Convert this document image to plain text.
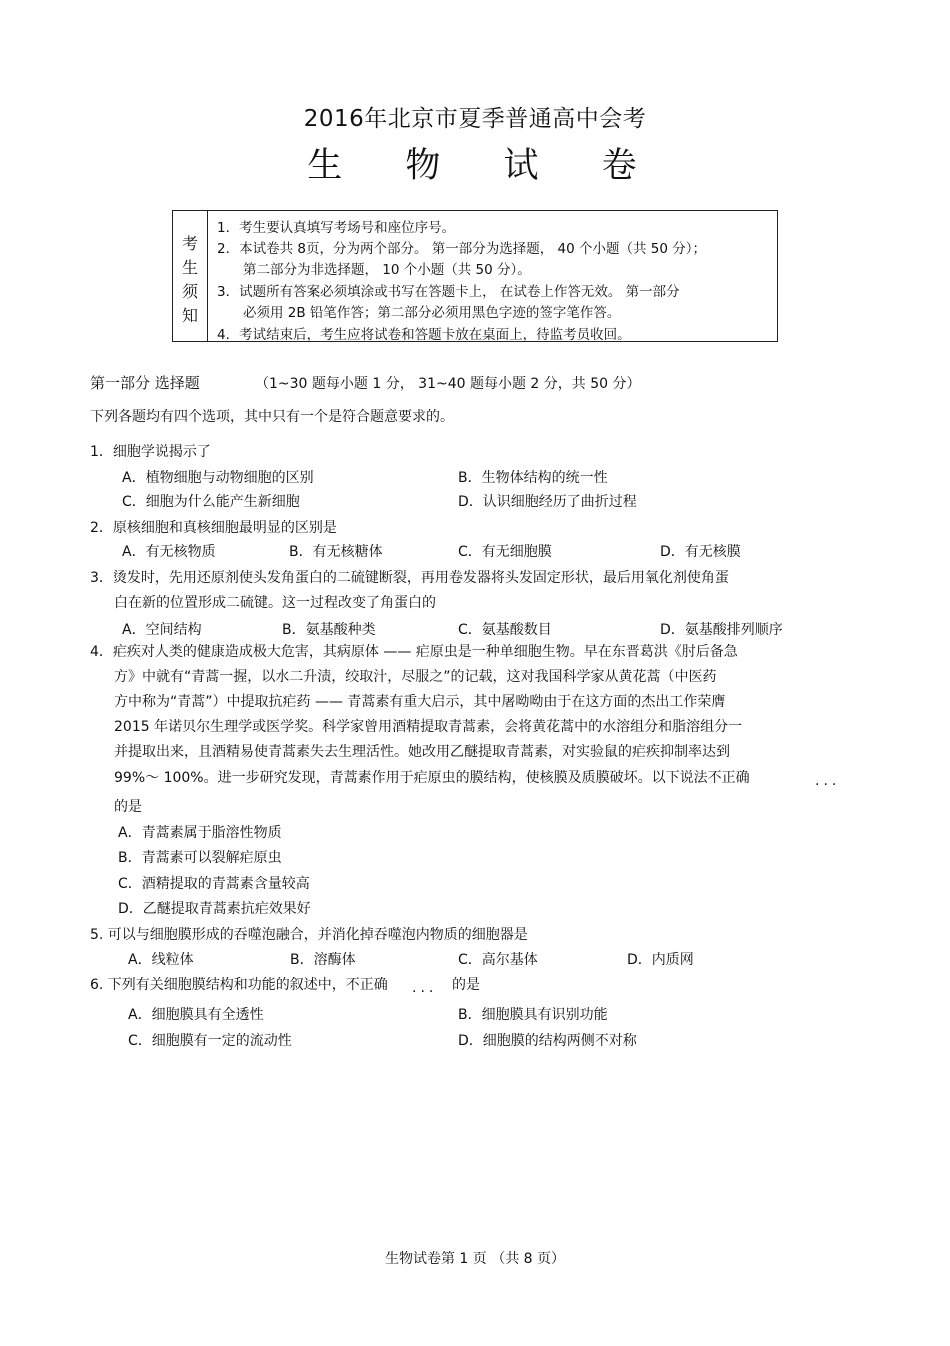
2016年北京市夏季普通高中会考
生 物 试 卷
考
生
须
知
1．考生要认真填写考场号和座位序号。
2．本试卷共 8页，分为两个部分。 第一部分为选择题， 40 个小题（共 50 分）；
第二部分为非选择题， 10 个小题（共 50 分）。
3．试题所有答案必须填涂或书写在答题卡上， 在试卷上作答无效。 第一部分
必须用 2B 铅笔作答；第二部分必须用黑色字迹的签字笔作答。
4．考试结束后，考生应将试卷和答题卡放在桌面上，待监考员收回。
第一部分 选择题	（1~30 题每小题 1 分， 31~40 题每小题 2 分，共 50 分）
下列各题均有四个选项，其中只有一个是符合题意要求的。
1．细胞学说揭示了
A．植物细胞与动物细胞的区别	B．生物体结构的统一性
C．细胞为什么能产生新细胞	D．认识细胞经历了曲折过程
2．原核细胞和真核细胞最明显的区别是
A．有无核物质	B．有无核糖体	C．有无细胞膜	D．有无核膜
3．烫发时，先用还原剂使头发角蛋白的二硫键断裂，再用卷发器将头发固定形状，最后用氧化剂使角蛋
白在新的位置形成二硫键。这一过程改变了角蛋白的
A．空间结构	B．氨基酸种类	C．氨基酸数目	D．氨基酸排列顺序
4．疟疾对人类的健康造成极大危害，其病原体 —— 疟原虫是一种单细胞生物。早在东晋葛洪《肘后备急
方》中就有“青蒿一握，以水二升渍，绞取汁，尽服之”的记载，这对我国科学家从黄花蒿（中医药
方中称为“青蒿”）中提取抗疟药 —— 青蒿素有重大启示，其中屠呦呦由于在这方面的杰出工作荣膺
2015 年诺贝尔生理学或医学奖。科学家曾用酒精提取青蒿素，会将黄花蒿中的水溶组分和脂溶组分一
并提取出来，且酒精易使青蒿素失去生理活性。她改用乙醚提取青蒿素，对实验鼠的疟疾抑制率达到
99%～ 100%。进一步研究发现，青蒿素作用于疟原虫的膜结构，使核膜及质膜破坏。以下说法不正确	...
的是
A．青蒿素属于脂溶性物质
B．青蒿素可以裂解疟原虫
C．酒精提取的青蒿素含量较高
D．乙醚提取青蒿素抗疟效果好
5. 可以与细胞膜形成的吞噬泡融合，并消化掉吞噬泡内物质的细胞器是
A．线粒体	B．溶酶体	C．高尔基体	D．内质网
6. 下列有关细胞膜结构和功能的叙述中，不正确 ... 的是
A．细胞膜具有全透性	B．细胞膜具有识别功能
C．细胞膜有一定的流动性	D．细胞膜的结构两侧不对称
生物试卷第 1 页 （共 8 页）
